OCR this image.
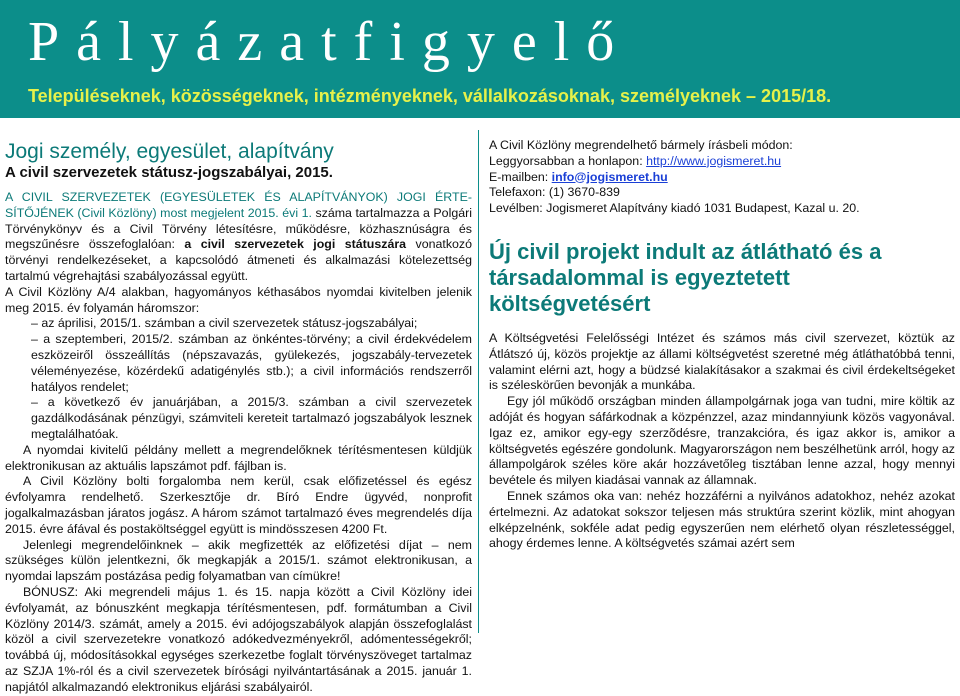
Pályázatfigyelő
Településeknek, közösségeknek, intézményeknek, vállalkozásoknak, személyeknek – 2015/18.
Jogi személy, egyesület, alapítvány
A civil szervezetek státusz-jogszabályai, 2015.

A CIVIL SZERVEZETEK (EGYESÜLETEK ÉS ALAPÍTVÁNYOK) JOGI ÉRTE-SÍTŐJÉNEK (Civil Közlöny) most megjelent 2015. évi 1. száma tartalmazza a Polgári Törvénykönyv és a Civil Törvény létesítésre, működésre, közhasznúságra és megszűnésre összefoglalóan: a civil szervezetek jogi státuszára vonatkozó törvényi rendelkezéseket, a kapcsolódó átmeneti és alkalmazási kötelezettség tartalmú végrehajtási szabályozással együtt.

A Civil Közlöny A/4 alakban, hagyományos kéthasábos nyomdai kivitelben jelenik meg 2015. év folyamán háromszor:

– az áprilisi, 2015/1. számban a civil szervezetek státusz-jogszabályai;

– a szeptemberi, 2015/2. számban az önkéntes-törvény; a civil érdekvédelem eszközeiről összeállítás (népszavazás, gyülekezés, jogszabály-tervezetek véleményezése, közérdekű adatigénylés stb.); a civil információs rendszerről hatályos rendelet;

– a következő év januárjában, a 2015/3. számban a civil szervezetek gazdálkodásának pénzügyi, számviteli kereteit tartalmazó jogszabályok lesznek megtalálhatóak.

A nyomdai kivitelű példány mellett a megrendelőknek térítésmentesen küldjük elektronikusan az aktuális lapszámot pdf. fájlban is.

A Civil Közlöny bolti forgalomba nem kerül, csak előfizetéssel és egész évfolyamra rendelhető. Szerkesztője dr. Bíró Endre ügyvéd, nonprofit jogalkalmazásban járatos jogász. A három számot tartalmazó éves megrendelés díja 2015. évre áfával és postaköltséggel együtt is mindösszesen 4200 Ft.

Jelenlegi megrendelőinknek – akik megfizették az előfizetési díjat – nem szükséges külön jelentkezni, ők megkapják a 2015/1. számot elektronikusan, a nyomdai lapszám postázása pedig folyamatban van címükre!

BÓNUSZ: Aki megrendeli május 1. és 15. napja között a Civil Közlöny idei évfolyamát, az bónuszként megkapja térítésmentesen, pdf. formátumban a Civil Közlöny 2014/3. számát, amely a 2015. évi adójogszabályok alapján összefoglalást közöl a civil szervezetekre vonatkozó adókedvezményekről, adómentességekről; továbbá új, módosításokkal egységes szerkezetbe foglalt törvényszöveget tartalmaz az SZJA 1%-ról és a civil szervezetek bírósági nyilvántartásának a 2015. január 1. napjától alkalmazandó elektronikus eljárási szabályairól.

A Civil Közlöny megrendelhető bármely írásbeli módon:

Leggyorsabban a honlapon: http://www.jogismeret.hu

E-mailben: info@jogismeret.hu

Telefaxon: (1) 3670-839

Levélben: Jogismeret Alapítvány kiadó 1031 Budapest, Kazal u. 20.

Új civil projekt indult az átlátható és a társadalommal is egyeztetett költségvetésért

A Költségvetési Felelősségi Intézet és számos más civil szervezet, köztük az Átlátszó új, közös projektje az állami költségvetést szeretné még átláthatóbbá tenni, valamint elérni azt, hogy a büdzsé kialakításakor a szakmai és civil érdekeltségeket is széleskörűen bevonják a munkába.

Egy jól működő országban minden állampolgárnak joga van tudni, mire költik az adóját és hogyan sáfárkodnak a közpénzzel, azaz mindannyiunk közös vagyonával. Igaz ez, amikor egy-egy szerzõdésre, tranzakcióra, és igaz akkor is, amikor a költségvetés egészére gondolunk. Magyarországon nem beszélhetünk arról, hogy az állampolgárok széles köre akár hozzávetőleg tisztában lenne azzal, hogy mennyi bevétele és milyen kiadásai vannak az államnak.

Ennek számos oka van: nehéz hozzáférni a nyilvános adatokhoz, nehéz azokat értelmezni. Az adatokat sokszor teljesen más struktúra szerint közlik, mint ahogyan elképzelnénk, sokféle adat pedig egyszerűen nem elérhető olyan részletességgel, ahogy érdemes lenne. A költségvetés számai azért sem
